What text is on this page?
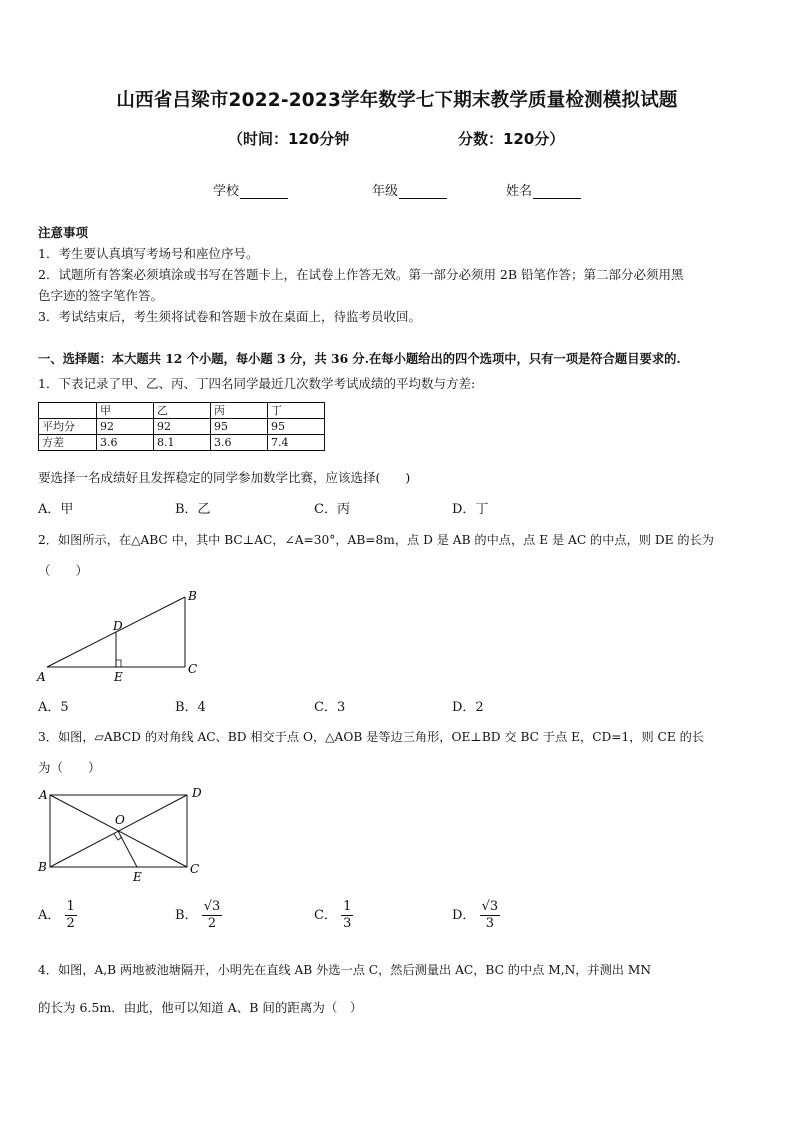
山西省吕梁市2022-2023学年数学七下期末教学质量检测模拟试题
（时间：120分钟	分数：120分）
学校	年级	姓名
注意事项
1．考生要认真填写考场号和座位序号。
2．试题所有答案必须填涂或书写在答题卡上，在试卷上作答无效。第一部分必须用 2B 铅笔作答；第二部分必须用黑
色字迹的签字笔作答。
3．考试结束后，考生须将试卷和答题卡放在桌面上，待监考员收回。
一、选择题：本大题共 12 个小题，每小题 3 分，共 36 分.在每小题给出的四个选项中，只有一项是符合题目要求的.
1．下表记录了甲、乙、丙、丁四名同学最近几次数学考试成绩的平均数与方差:
	甲	乙	丙	丁
平均分	92	92	95	95
方差	3.6	8.1	3.6	7.4
要选择一名成绩好且发挥稳定的同学参加数学比赛，应该选择(　　)
A．甲	B．乙	C．丙	D．丁
2．如图所示，在△ABC 中，其中 BC⊥AC，∠A=30°，AB=8m，点 D 是 AB 的中点，点 E 是 AC 的中点，则 DE 的长为
（　　）
A
B
C
D
E
A．5	B．4	C．3	D．2
3．如图，▱ABCD 的对角线 AC、BD 相交于点 O，△AOB 是等边三角形，OE⊥BD 交 BC 于点 E，CD=1，则 CE 的长
为（　　）
A	D
O
B	C
E
A． $\frac{1}{2}$	B． $\frac{√3}{2}$	C． $\frac{1}{3}$	D． $\frac{√3}{3}$
4．如图，A,B 两地被池塘隔开，小明先在直线 AB 外选一点 C，然后测量出 AC，BC 的中点 M,N，并测出 MN
的长为 6.5m．由此，他可以知道 A、B 间的距离为（　）
